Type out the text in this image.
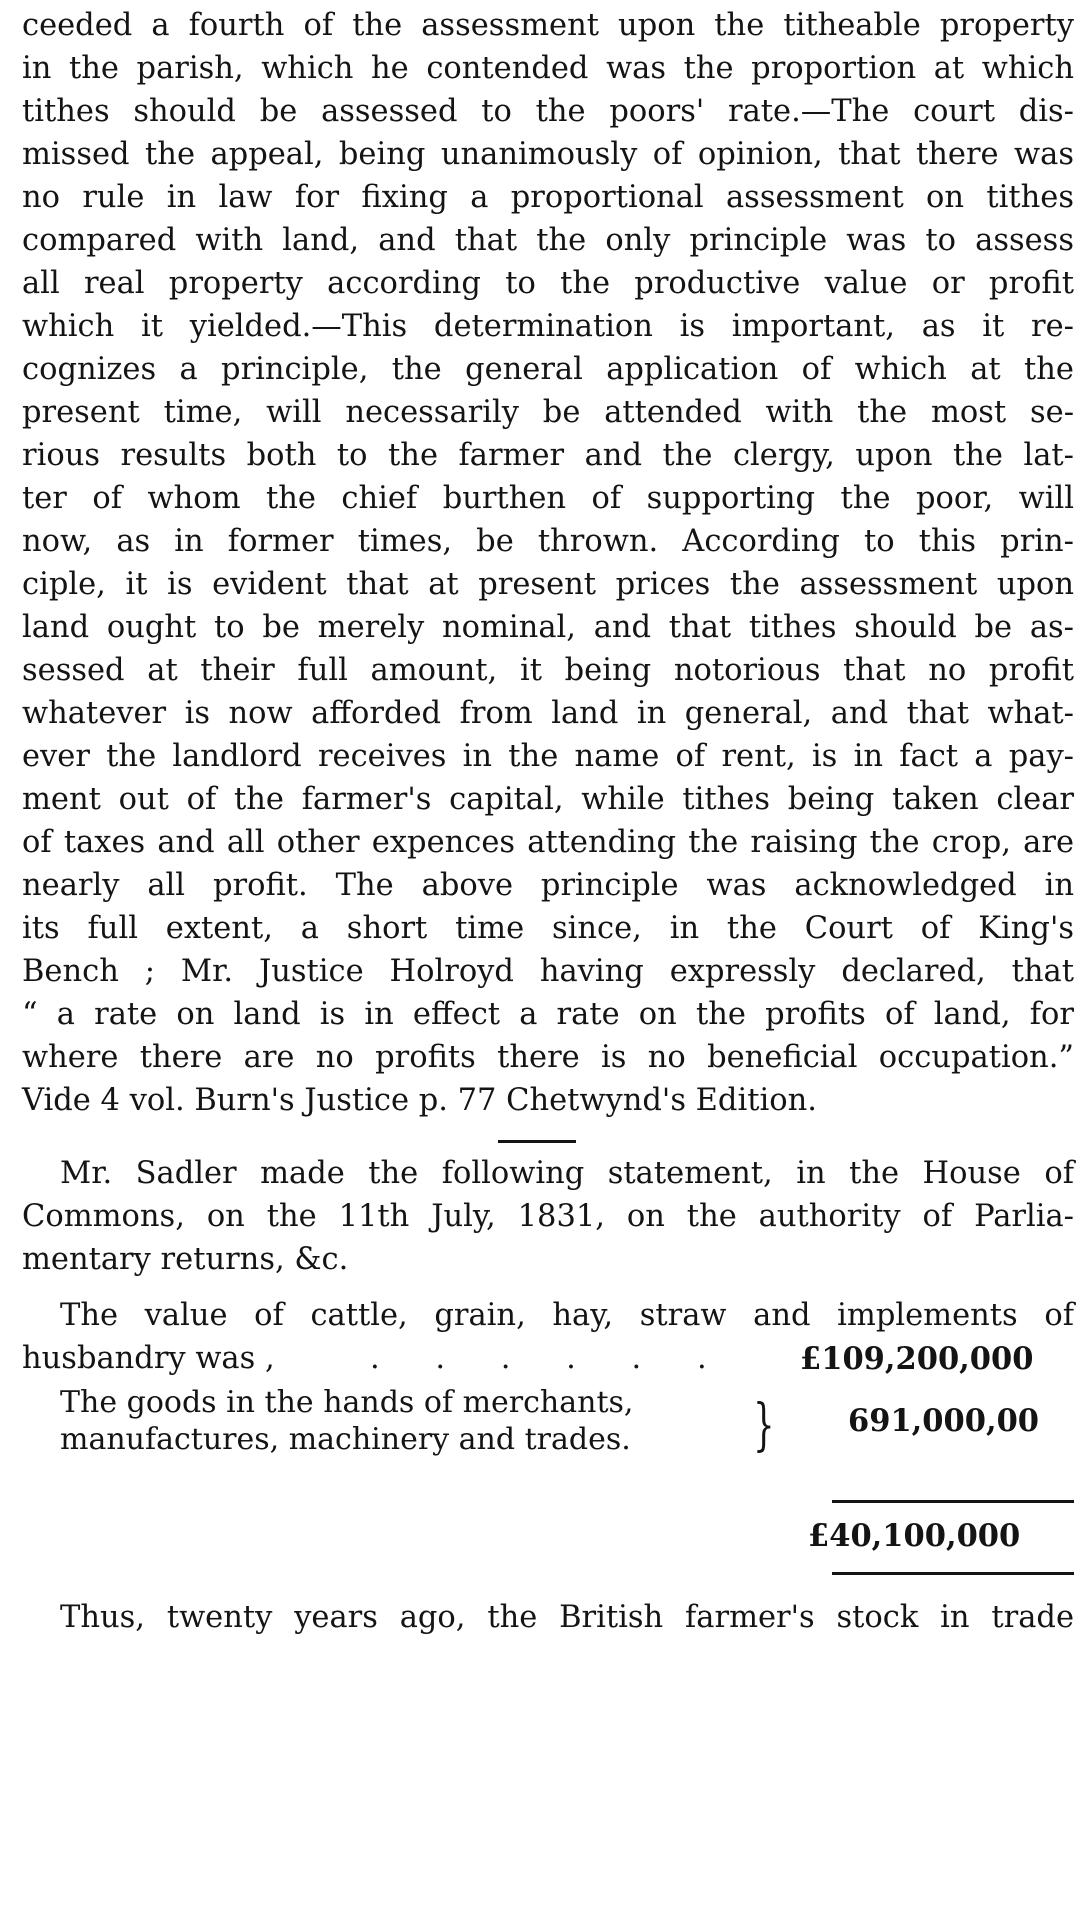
ceeded a fourth of the assessment upon the titheable property
in the parish, which he contended was the proportion at which
tithes should be assessed to the poors' rate.—The court dis-
missed the appeal, being unanimously of opinion, that there was
no rule in law for fixing a proportional assessment on tithes
compared with land, and that the only principle was to assess
all real property according to the productive value or profit
which it yielded.—This determination is important, as it re-
cognizes a principle, the general application of which at the
present time, will necessarily be attended with the most se-
rious results both to the farmer and the clergy, upon the lat-
ter of whom the chief burthen of supporting the poor, will
now, as in former times, be thrown. According to this prin-
ciple, it is evident that at present prices the assessment upon
land ought to be merely nominal, and that tithes should be as-
sessed at their full amount, it being notorious that no profit
whatever is now afforded from land in general, and that what-
ever the landlord receives in the name of rent, is in fact a pay-
ment out of the farmer's capital, while tithes being taken clear
of taxes and all other expences attending the raising the crop, are
nearly all profit. The above principle was acknowledged in
its full extent, a short time since, in the Court of King's
Bench ; Mr. Justice Holroyd having expressly declared, that
“ a rate on land is in effect a rate on the profits of land, for
where there are no profits there is no beneficial occupation.”
Vide 4 vol. Burn's Justice p. 77 Chetwynd's Edition.
Mr. Sadler made the following statement, in the House of
Commons, on the 11th July, 1831, on the authority of Parlia-
mentary returns, &c.
The value of cattle, grain, hay, straw and implements of
husbandry was ,	. . . . . .	£109,200,000
The goods in the hands of merchants,
manufactures, machinery and trades. } 691,000,00
£40,100,000
Thus, twenty years ago, the British farmer's stock in trade
